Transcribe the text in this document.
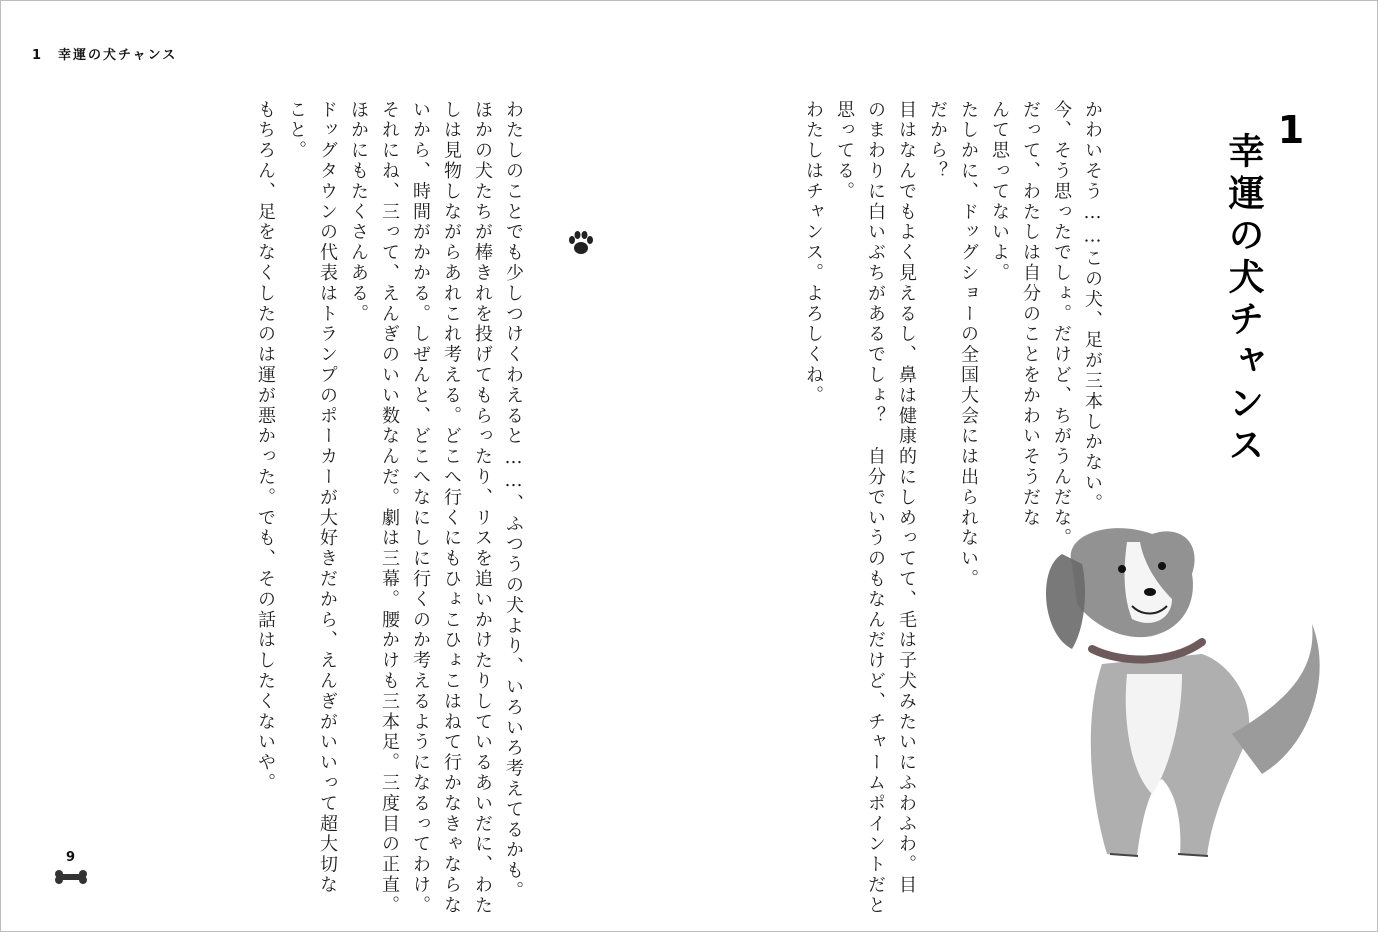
1　幸運の犬チャンス
1
幸運の犬チャンス

かわいそう……この犬、足が三本しかない。

今、そう思ったでしょ。だけど、ちがうんだな。

だって、わたしは自分のことをかわいそうだな

んて思ってないよ。

たしかに、ドッグショーの全国大会には出られない。

だから？

目はなんでもよく見えるし、鼻は健康的にしめってて、毛は子犬みたいにふわふわ。目

のまわりに白いぶちがあるでしょ？　自分でいうのもなんだけど、チャームポイントだと

思ってる。

わたしはチャンス。よろしくね。

わたしのことでも少しつけくわえると……、ふつうの犬より、いろいろ考えてるかも。

ほかの犬たちが棒きれを投げてもらったり、リスを追いかけたりしているあいだに、わた

しは見物しながらあれこれ考える。どこへ行くにもひょこひょこはねて行かなきゃならな

いから、時間がかかる。しぜんと、どこへなにしに行くのか考えるようになるってわけ。

それにね、三って、えんぎのいい数なんだ。劇は三幕。腰かけも三本足。三度目の正直。

ほかにもたくさんある。

ドッグタウンの代表はトランプのポーカーが大好きだから、えんぎがいいって超大切な

こと。

もちろん、足をなくしたのは運が悪かった。でも、その話はしたくないや。

9
